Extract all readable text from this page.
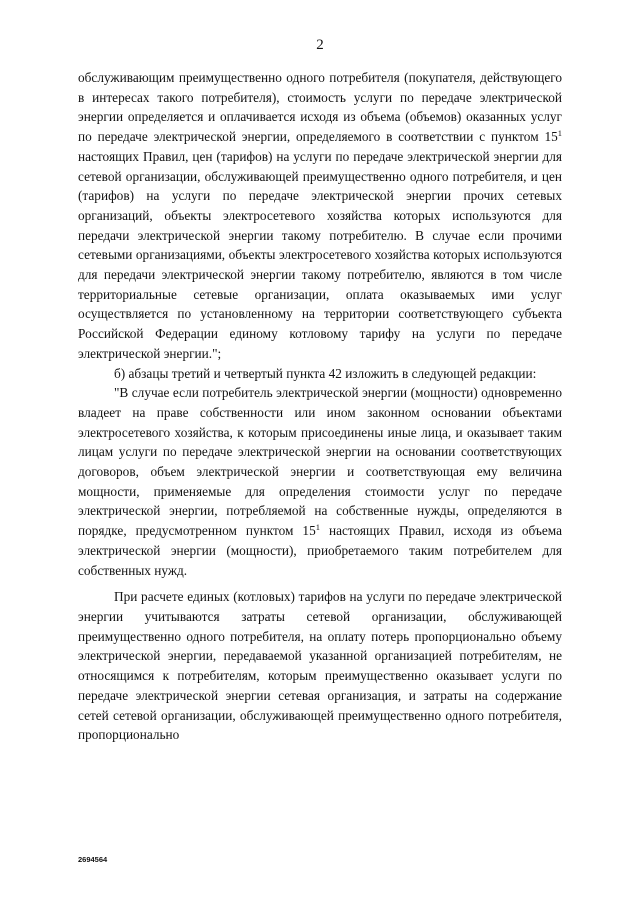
2

обслуживающим преимущественно одного потребителя (покупателя, действующего в интересах такого потребителя), стоимость услуги по передаче электрической энергии определяется и оплачивается исходя из объема (объемов) оказанных услуг по передаче электрической энергии, определяемого в соответствии с пунктом $15^1$ настоящих Правил, цен (тарифов) на услуги по передаче электрической энергии для сетевой организации, обслуживающей преимущественно одного потребителя, и цен (тарифов) на услуги по передаче электрической энергии прочих сетевых организаций, объекты электросетевого хозяйства которых используются для передачи электрической энергии такому потребителю. В случае если прочими сетевыми организациями, объекты электросетевого хозяйства которых используются для передачи электрической энергии такому потребителю, являются в том числе территориальные сетевые организации, оплата оказываемых ими услуг осуществляется по установленному на территории соответствующего субъекта Российской Федерации единому котловому тарифу на услуги по передаче электрической энергии.";

б) абзацы третий и четвертый пункта 42 изложить в следующей редакции:

"В случае если потребитель электрической энергии (мощности) одновременно владеет на праве собственности или ином законном основании объектами электросетевого хозяйства, к которым присоединены иные лица, и оказывает таким лицам услуги по передаче электрической энергии на основании соответствующих договоров, объем электрической энергии и соответствующая ему величина мощности, применяемые для определения стоимости услуг по передаче электрической энергии, потребляемой на собственные нужды, определяются в порядке, предусмотренном пунктом $15^1$ настоящих Правил, исходя из объема электрической энергии (мощности), приобретаемого таким потребителем для собственных нужд.

При расчете единых (котловых) тарифов на услуги по передаче электрической энергии учитываются затраты сетевой организации, обслуживающей преимущественно одного потребителя, на оплату потерь пропорционально объему электрической энергии, передаваемой указанной организацией потребителям, не относящимся к потребителям, которым преимущественно оказывает услуги по передаче электрической энергии сетевая организация, и затраты на содержание сетей сетевой организации, обслуживающей преимущественно одного потребителя, пропорционально

2694564
